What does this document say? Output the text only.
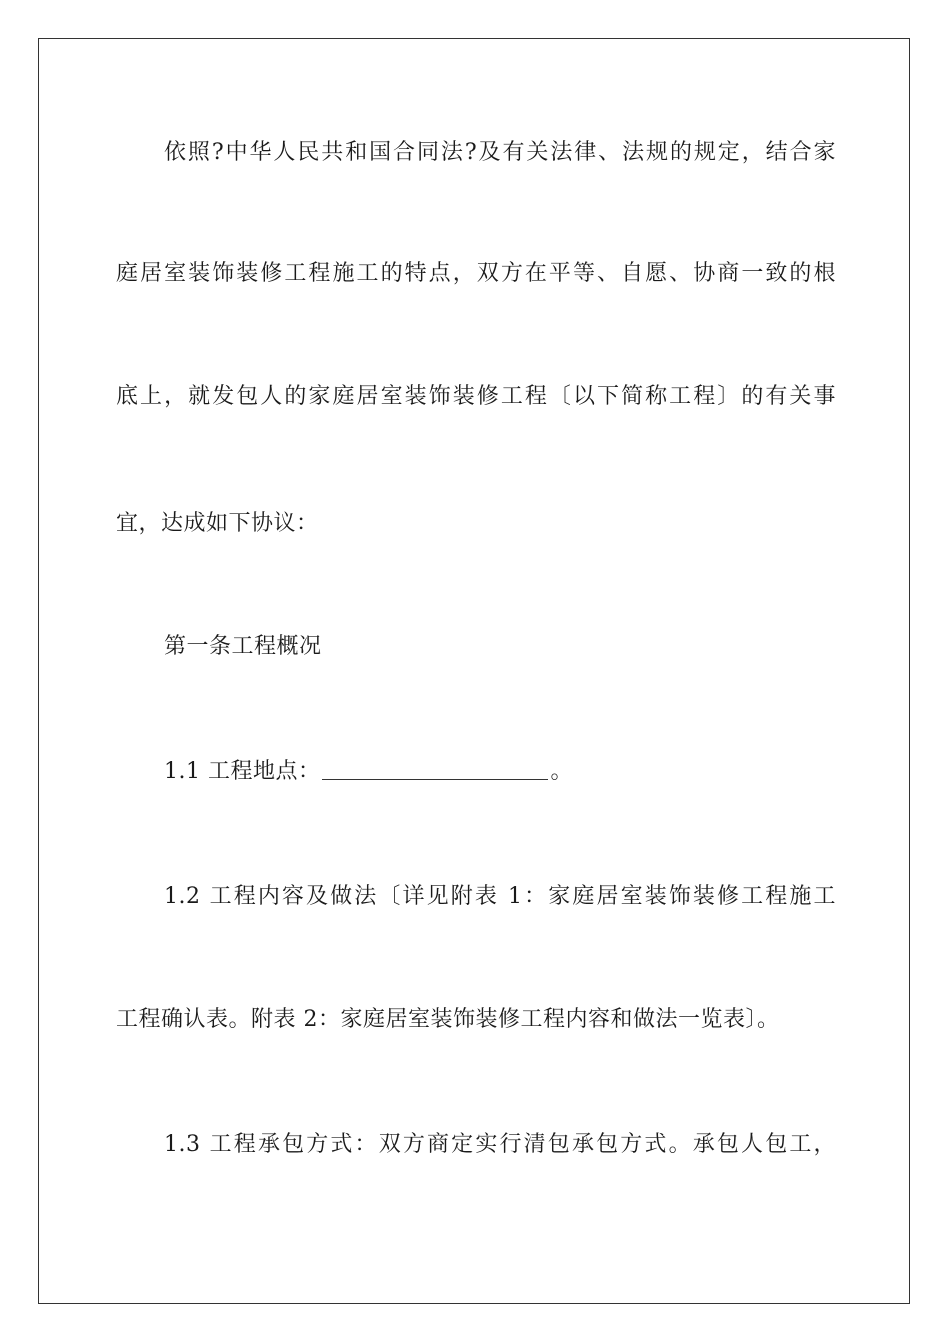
依照?中华人民共和国合同法?及有关法律、法规的规定，结合家
庭居室装饰装修工程施工的特点，双方在平等、自愿、协商一致的根
底上，就发包人的家庭居室装饰装修工程〔以下简称工程〕的有关事
宜，达成如下协议：
第一条工程概况
1.1 工程地点：	。
1.2 工程内容及做法〔详见附表 1：家庭居室装饰装修工程施工
工程确认表。附表 2：家庭居室装饰装修工程内容和做法一览表〕。
1.3 工程承包方式：双方商定实行清包承包方式。承包人包工，
